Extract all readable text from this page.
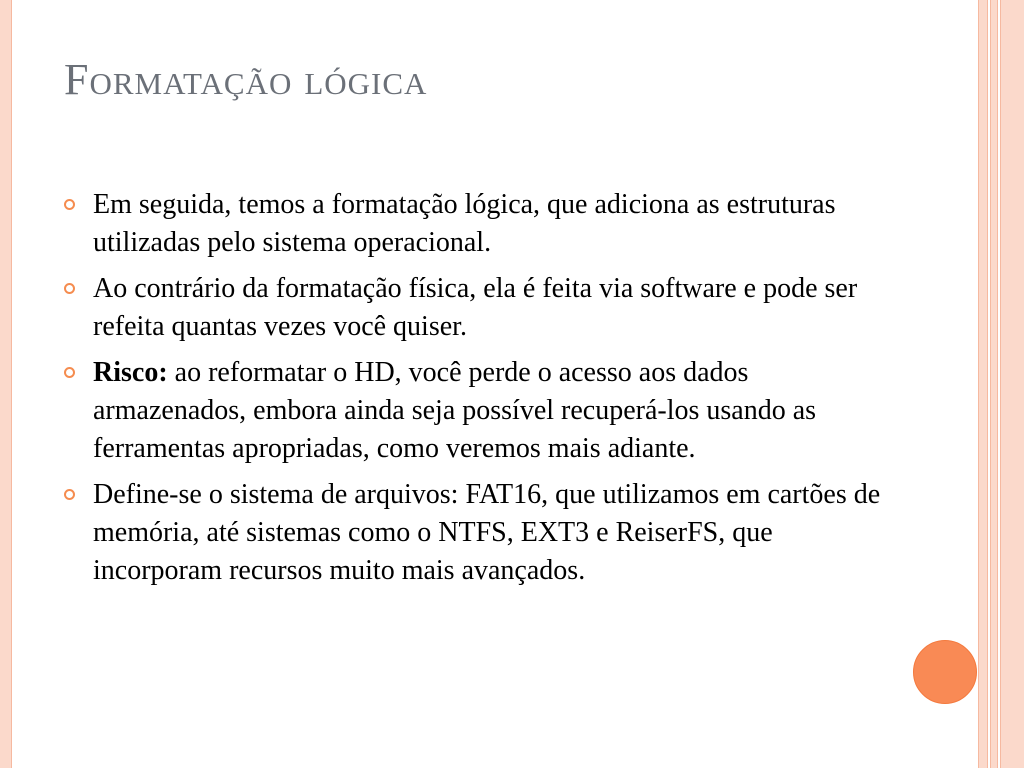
Formatação lógica
Em seguida, temos a formatação lógica, que adiciona as estruturas utilizadas pelo sistema operacional.
Ao contrário da formatação física, ela é feita via software e pode ser refeita quantas vezes você quiser.
Risco: ao reformatar o HD, você perde o acesso aos dados armazenados, embora ainda seja possível recuperá-los usando as ferramentas apropriadas, como veremos mais adiante.
Define-se o sistema de arquivos: FAT16, que utilizamos em cartões de memória, até sistemas como o NTFS, EXT3 e ReiserFS, que incorporam recursos muito mais avançados.
